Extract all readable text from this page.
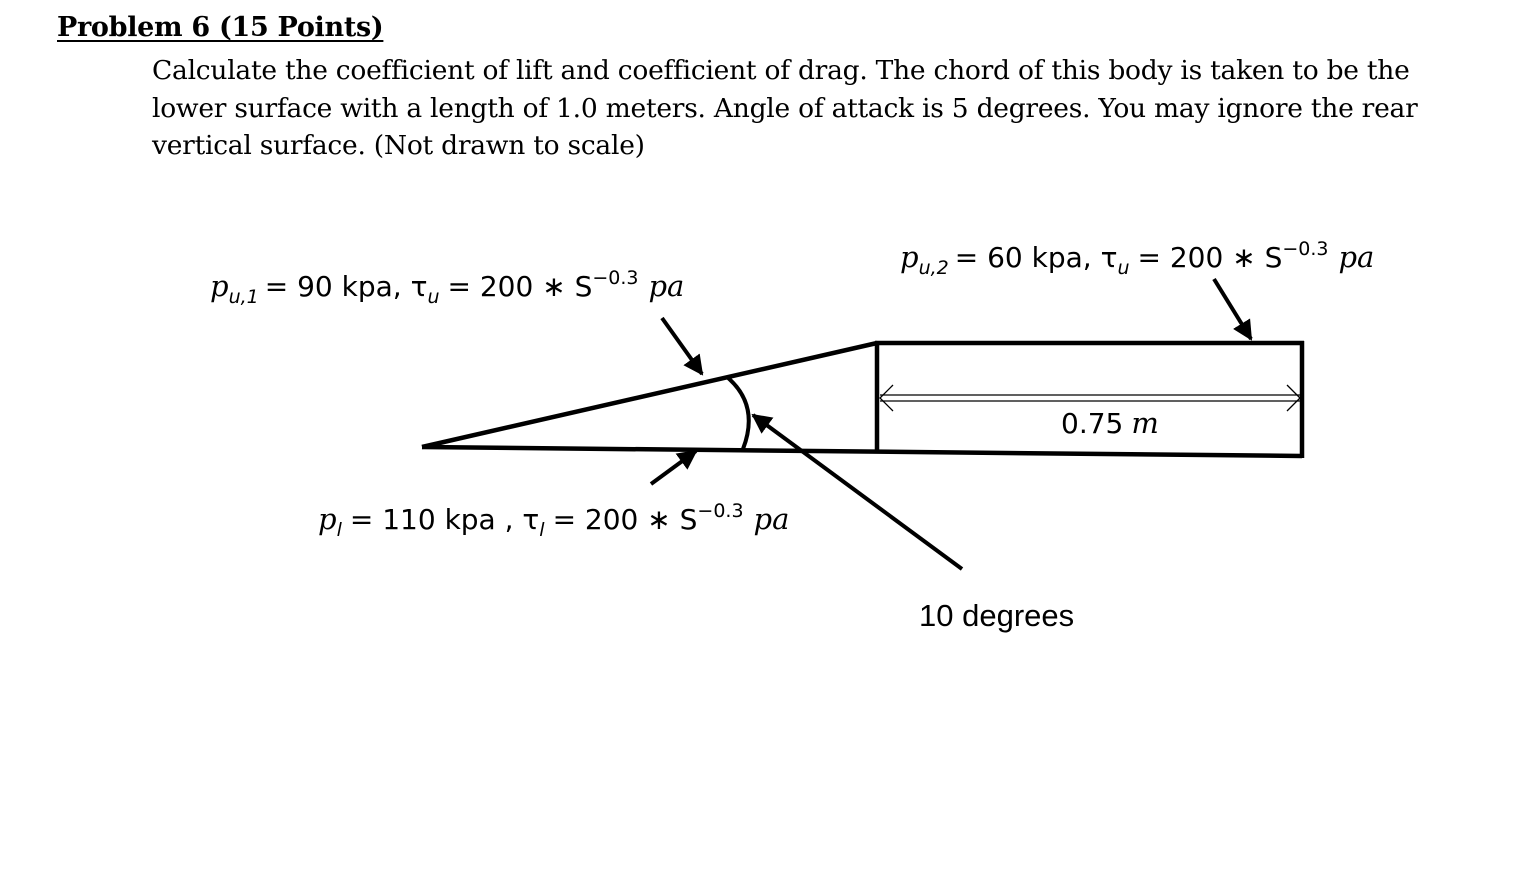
Problem 6 (15 Points)
Calculate the coefficient of lift and coefficient of drag. The chord of this body is taken to be the
lower surface with a length of 1.0 meters. Angle of attack is 5 degrees. You may ignore the rear
vertical surface. (Not drawn to scale)
pu,1 = 90 kpa, τu = 200 ∗ S−0.3 pa
pu,2 = 60 kpa, τu = 200 ∗ S−0.3 pa
pl = 110 kpa , τl = 200 ∗ S−0.3 pa
0.75 m
10 degrees
